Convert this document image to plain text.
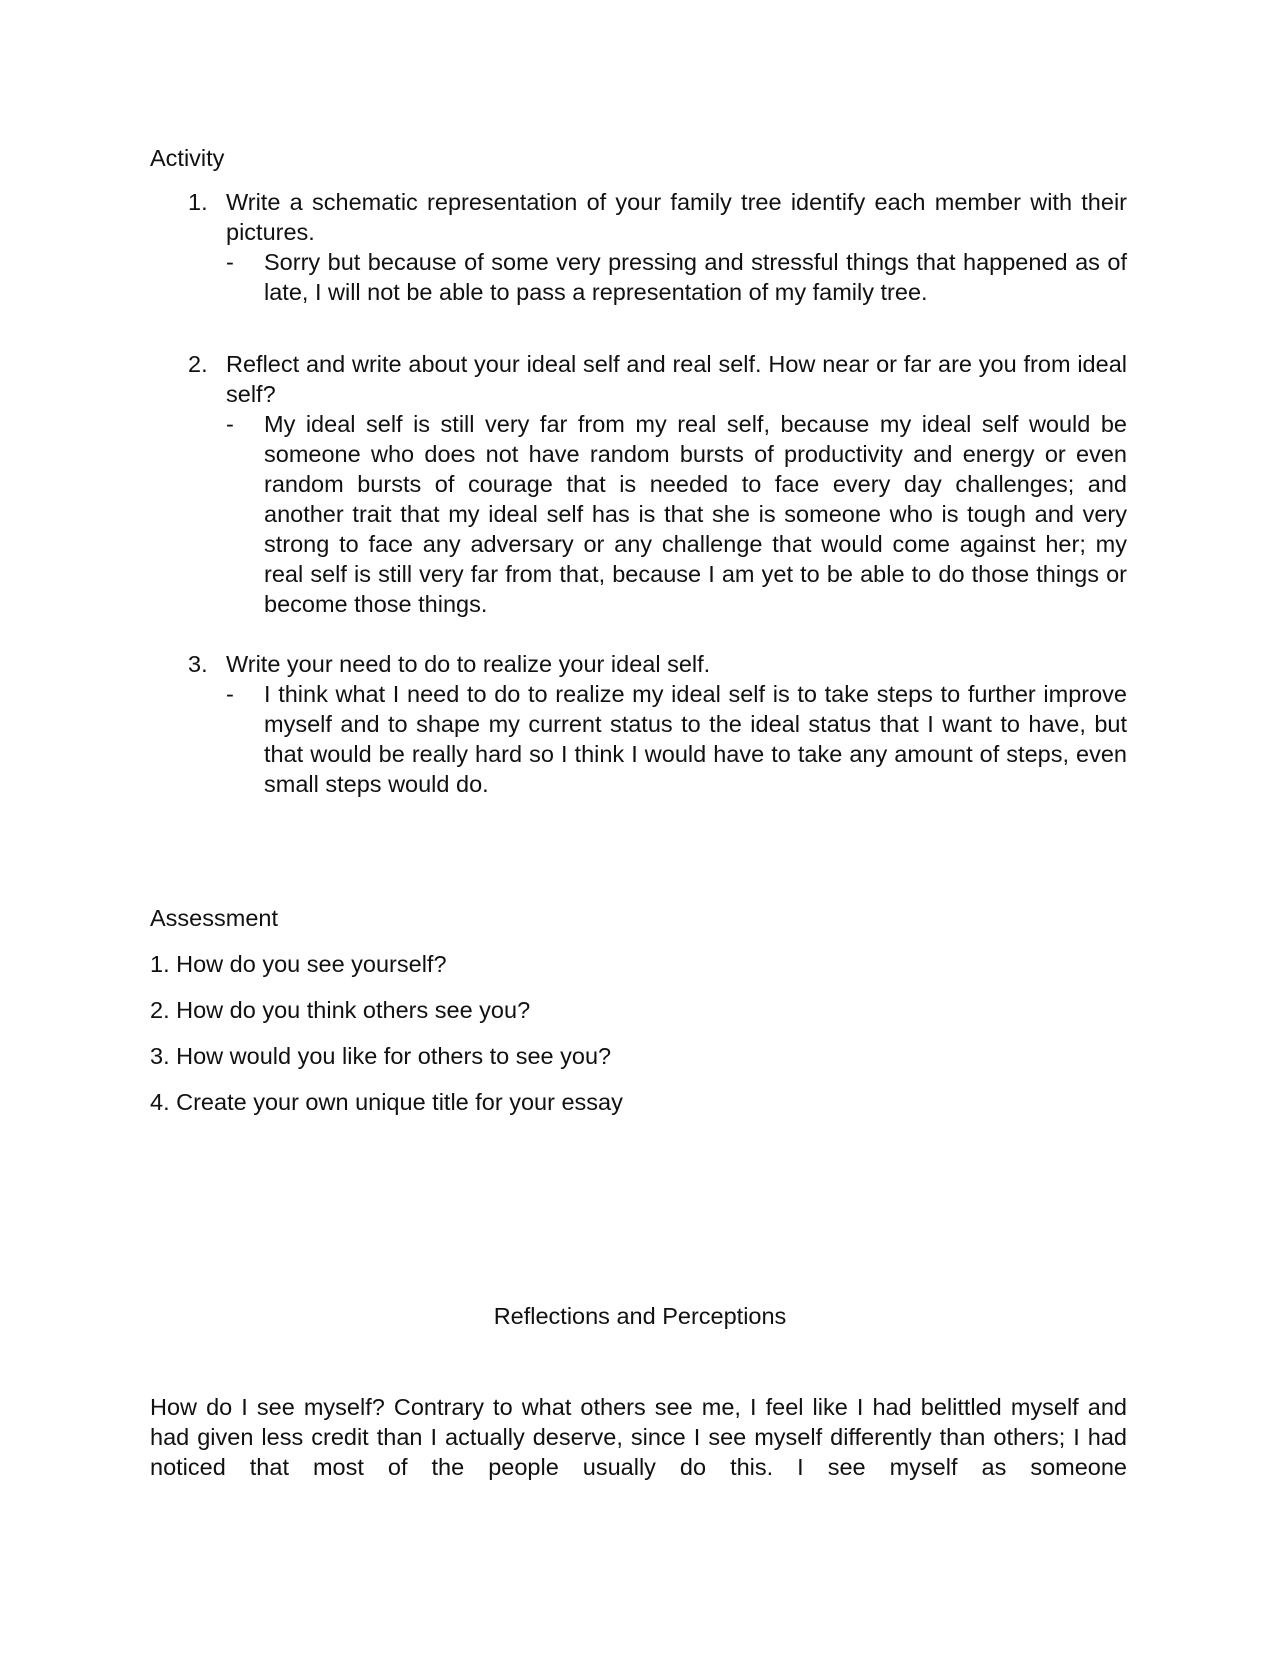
Activity
1. Write a schematic representation of your family tree identify each member with their pictures.
- Sorry but because of some very pressing and stressful things that happened as of late, I will not be able to pass a representation of my family tree.
2. Reflect and write about your ideal self and real self. How near or far are you from ideal self?
- My ideal self is still very far from my real self, because my ideal self would be someone who does not have random bursts of productivity and energy or even random bursts of courage that is needed to face every day challenges; and another trait that my ideal self has is that she is someone who is tough and very strong to face any adversary or any challenge that would come against her; my real self is still very far from that, because I am yet to be able to do those things or become those things.
3. Write your need to do to realize your ideal self.
- I think what I need to do to realize my ideal self is to take steps to further improve myself and to shape my current status to the ideal status that I want to have, but that would be really hard so I think I would have to take any amount of steps, even small steps would do.
Assessment
1. How do you see yourself?
2. How do you think others see you?
3. How would you like for others to see you?
4. Create your own unique title for your essay
Reflections and Perceptions
How do I see myself? Contrary to what others see me, I feel like I had belittled myself and had given less credit than I actually deserve, since I see myself differently than others; I had noticed that most of the people usually do this. I see myself as someone
